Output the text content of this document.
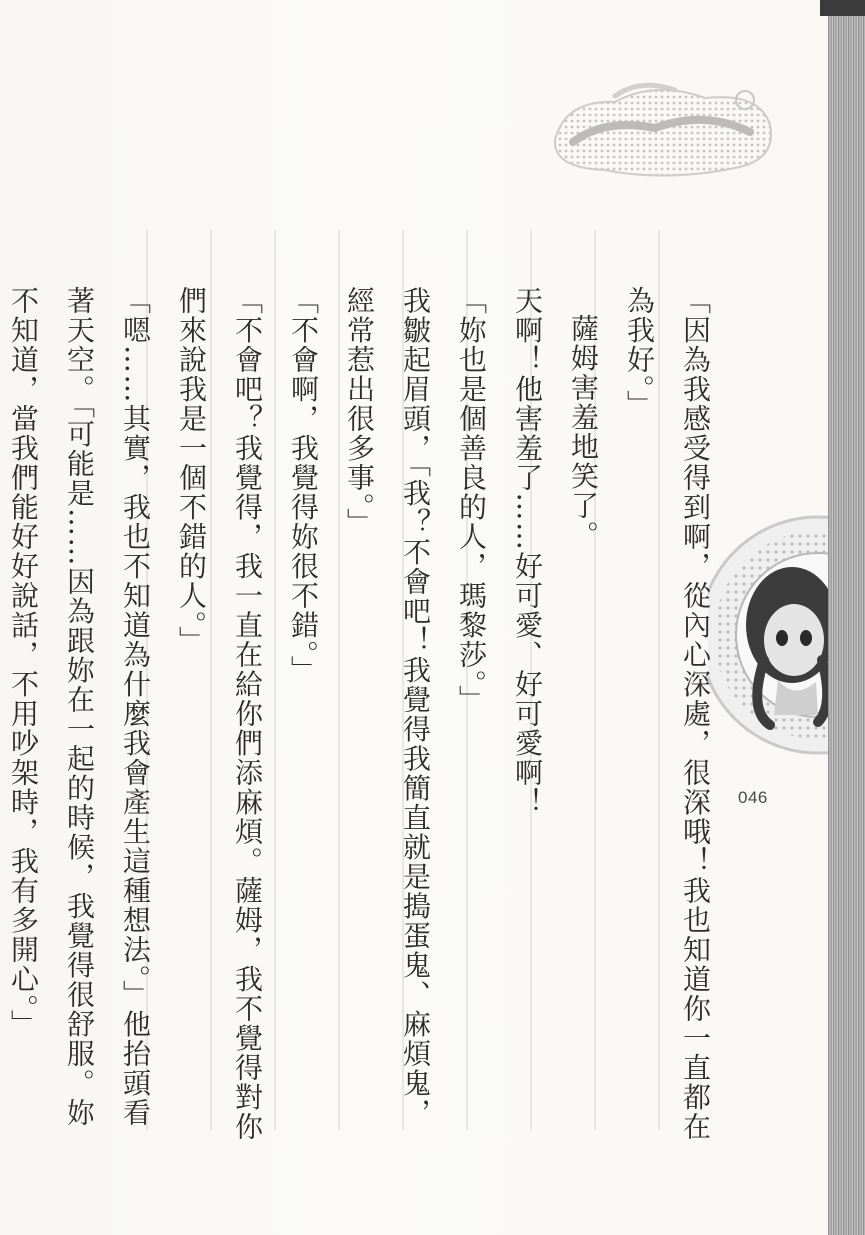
046

「因為我感受得到啊，從內心深處，很深哦！我也知道你一直都在為我好。」

薩姆害羞地笑了。

天啊！他害羞了……好可愛、好可愛啊！

「妳也是個善良的人，瑪黎莎。」

我皺起眉頭，「我？不會吧！我覺得我簡直就是搗蛋鬼、麻煩鬼，經常惹出很多事。」

「不會啊，我覺得妳很不錯。」

「不會吧？我覺得，我一直在給你們添麻煩。薩姆，我不覺得對你們來說我是一個不錯的人。」

「嗯……其實，我也不知道為什麼我會產生這種想法。」他抬頭看著天空。「可能是……因為跟妳在一起的時候，我覺得很舒服。妳不知道，當我們能好好說話，不用吵架時，我有多開心。」
